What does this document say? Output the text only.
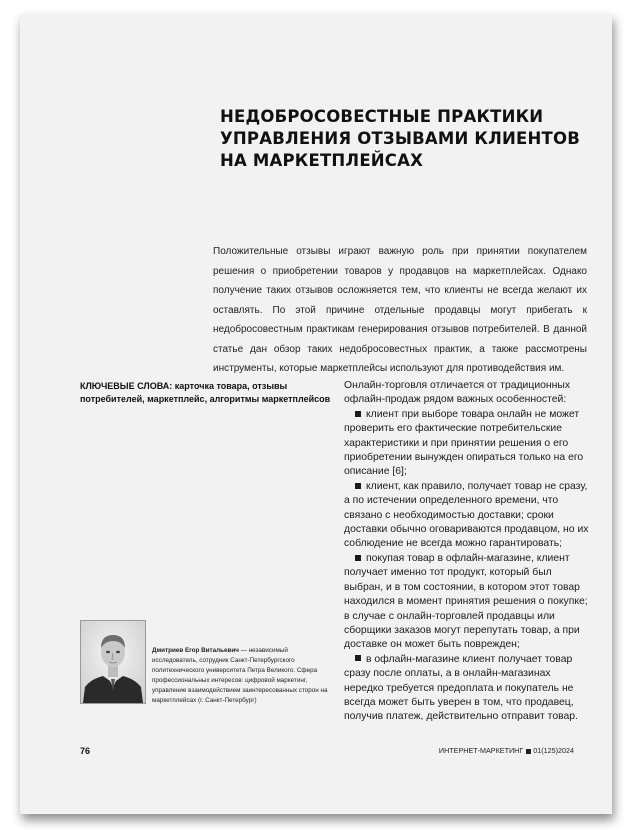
НЕДОБРОСОВЕСТНЫЕ ПРАКТИКИ
УПРАВЛЕНИЯ ОТЗЫВАМИ КЛИЕНТОВ
НА МАРКЕТПЛЕЙСАХ

Положительные отзывы играют важную роль при принятии покупателем решения о приобретении товаров у продавцов на маркетплейсах. Однако получение таких отзывов осложняется тем, что клиенты не всегда желают их оставлять. По этой причине отдельные продавцы могут прибегать к недобросовестным практикам генерирования отзывов потребителей. В данной статье дан обзор таких недобросовестных практик, а также рассмотрены инструменты, которые маркетплейсы используют для противодействия им.

КЛЮЧЕВЫЕ СЛОВА: карточка товара, отзывы потребителей, маркетплейс, алгоритмы маркетплейсов

Дмитриев Егор Витальевич — независимый исследователь, сотрудник Санкт-Петербургского политехнического университета Петра Великого. Сфера профессиональных интересов: цифровой маркетинг, управление взаимодействием заинтересованных сторон на маркетплейсах (г. Санкт-Петербург)

Онлайн-торговля отличается от традиционных офлайн-продаж рядом важных особенностей:

клиент при выборе товара онлайн не может проверить его фактические потребительские характеристики и при принятии решения о его приобретении вынужден опираться только на его описание [6];

клиент, как правило, получает товар не сразу, а по истечении определенного времени, что связано с необходимостью доставки; сроки доставки обычно оговариваются продавцом, но их соблюдение не всегда можно гарантировать;

покупая товар в офлайн-магазине, клиент получает именно тот продукт, который был выбран, и в том состоянии, в котором этот товар находился в момент принятия решения о покупке; в случае с онлайн-торговлей продавцы или сборщики заказов могут перепутать товар, а при доставке он может быть поврежден;

в офлайн-магазине клиент получает товар сразу после оплаты, а в онлайн-магазинах нередко требуется предоплата и покупатель не всегда может быть уверен в том, что продавец, получив платеж, действительно отправит товар.

76	ИНТЕРНЕТ-МАРКЕТИНГ 01(125)2024
